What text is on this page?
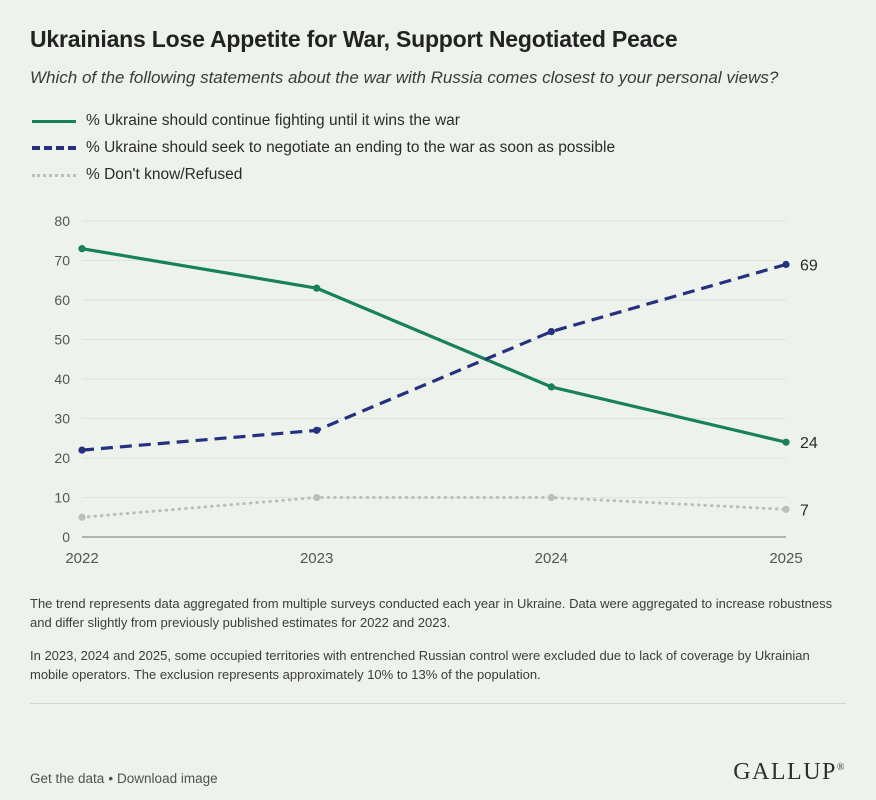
Ukrainians Lose Appetite for War, Support Negotiated Peace
Which of the following statements about the war with Russia comes closest to your personal views?
% Ukraine should continue fighting until it wins the war
% Ukraine should seek to negotiate an ending to the war as soon as possible
% Don't know/Refused
0
10
20
30
40
50
60
70
80
2022	2023	2024	2025
24
69
7
The trend represents data aggregated from multiple surveys conducted each year in Ukraine. Data were aggregated to increase robustness and differ slightly from previously published estimates for 2022 and 2023.
In 2023, 2024 and 2025, some occupied territories with entrenched Russian control were excluded due to lack of coverage by Ukrainian mobile operators. The exclusion represents approximately 10% to 13% of the population.
Get the data • Download image	GALLUP®
